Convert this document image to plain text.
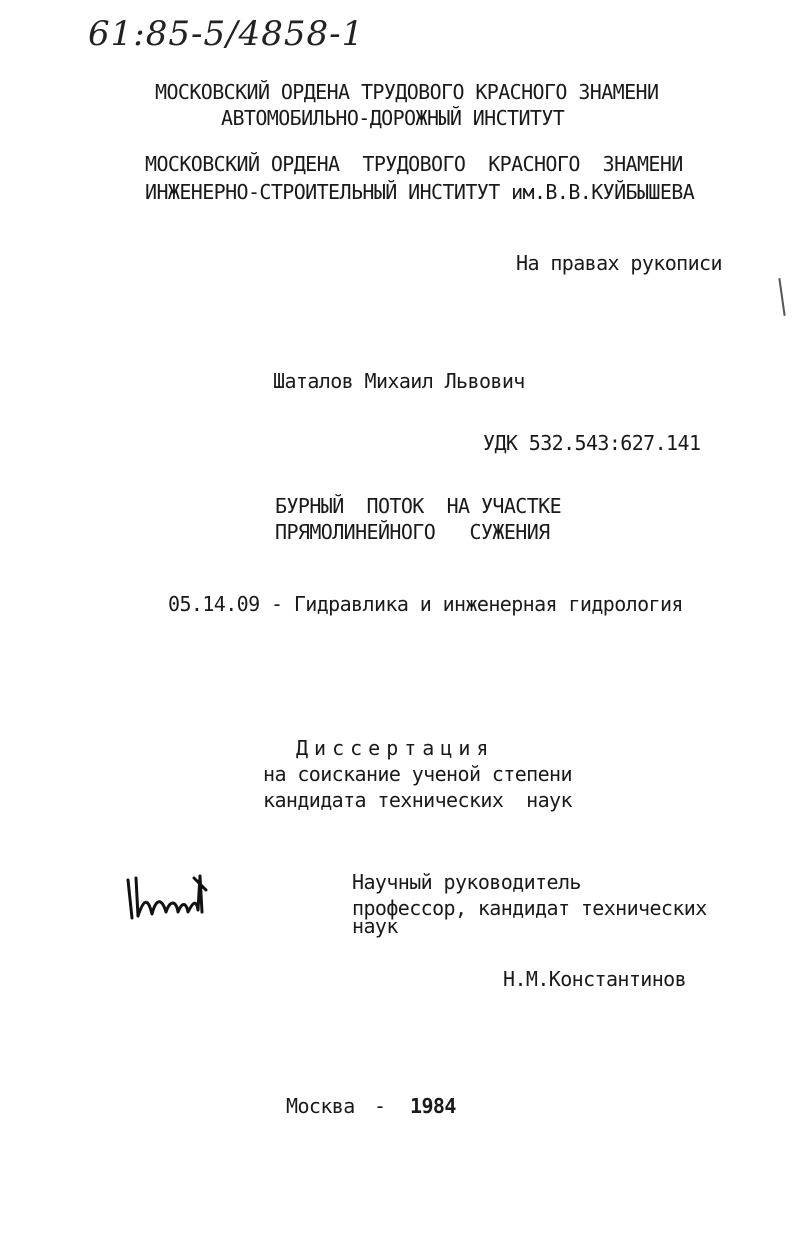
61:85-5/4858-1
МОСКОВСКИЙ ОРДЕНА ТРУДОВОГО КРАСНОГО ЗНАМЕНИ
АВТОМОБИЛЬНО-ДОРОЖНЫЙ ИНСТИТУТ
МОСКОВСКИЙ ОРДЕНА  ТРУДОВОГО  КРАСНОГО  ЗНАМЕНИ
ИНЖЕНЕРНО-СТРОИТЕЛЬНЫЙ ИНСТИТУТ им.В.В.КУЙБЫШЕВА
На правах рукописи
Шаталов Михаил Львович
УДК 532.543:627.141
БУРНЫЙ  ПОТОК  НА УЧАСТКЕ
ПРЯМОЛИНЕЙНОГО   СУЖЕНИЯ
05.14.09 - Гидравлика и инженерная гидрология
Диссертация
на соискание ученой степени
кандидата технических  наук
Научный руководитель
профессор, кандидат технических
наук
Н.М.Константинов
Москва - 1984
